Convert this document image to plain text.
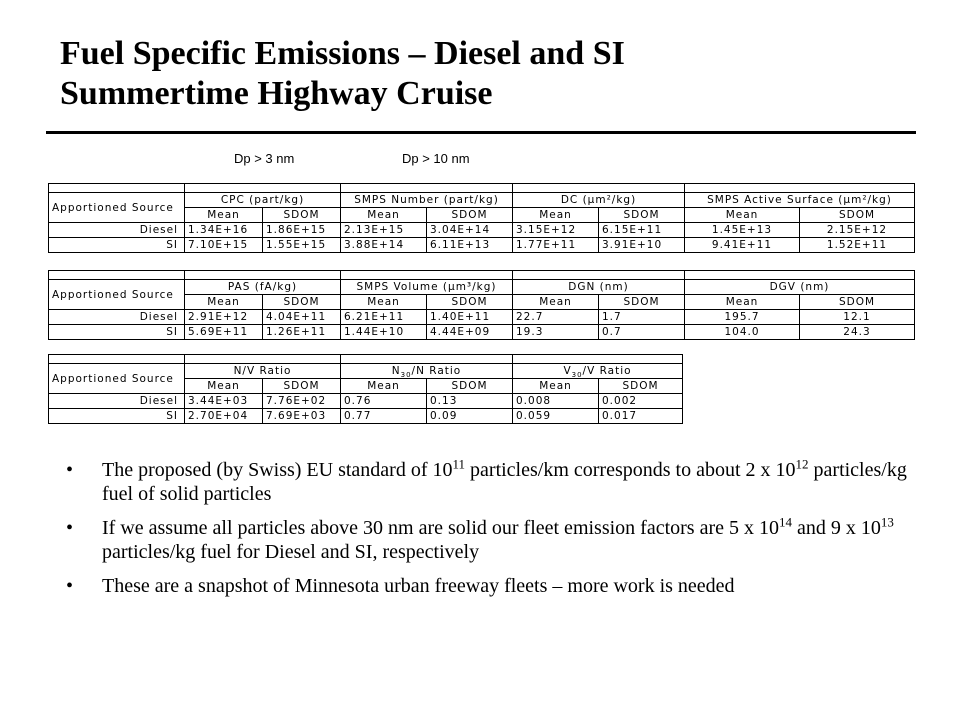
Fuel Specific Emissions – Diesel and SI
Summertime Highway Cruise
Dp > 3 nm	Dp > 10 nm

Apportioned Source	CPC (part/kg)		SMPS Number (part/kg)		DC (μm²/kg)		SMPS Active Surface (μm²/kg)	
	Mean	SDOM	Mean	SDOM	Mean	SDOM	Mean	SDOM
Diesel	1.34E+16	1.86E+15	2.13E+15	3.04E+14	3.15E+12	6.15E+11	1.45E+13	2.15E+12
SI	7.10E+15	1.55E+15	3.88E+14	6.11E+13	1.77E+11	3.91E+10	9.41E+11	1.52E+11

Apportioned Source	PAS (fA/kg)		SMPS Volume (μm³/kg)		DGN (nm)		DGV (nm)	
	Mean	SDOM	Mean	SDOM	Mean	SDOM	Mean	SDOM
Diesel	2.91E+12	4.04E+11	6.21E+11	1.40E+11	22.7	1.7	195.7	12.1
SI	5.69E+11	1.26E+11	1.44E+10	4.44E+09	19.3	0.7	104.0	24.3

Apportioned Source	N/V Ratio		$N_{30}/N$ Ratio		$V_{30}/V$ Ratio	
	Mean	SDOM	Mean	SDOM	Mean	SDOM
Diesel	3.44E+03	7.76E+02	0.76	0.13	0.008	0.002
SI	2.70E+04	7.69E+03	0.77	0.09	0.059	0.017
• The proposed (by Swiss) EU standard of $10^{11}$ particles/km corresponds to about 2 x $10^{12}$ particles/kg fuel of solid particles
• If we assume all particles above 30 nm are solid our fleet emission factors are 5 x $10^{14}$ and 9 x $10^{13}$ particles/kg fuel for Diesel and SI, respectively
• These are a snapshot of Minnesota urban freeway fleets – more work is needed
